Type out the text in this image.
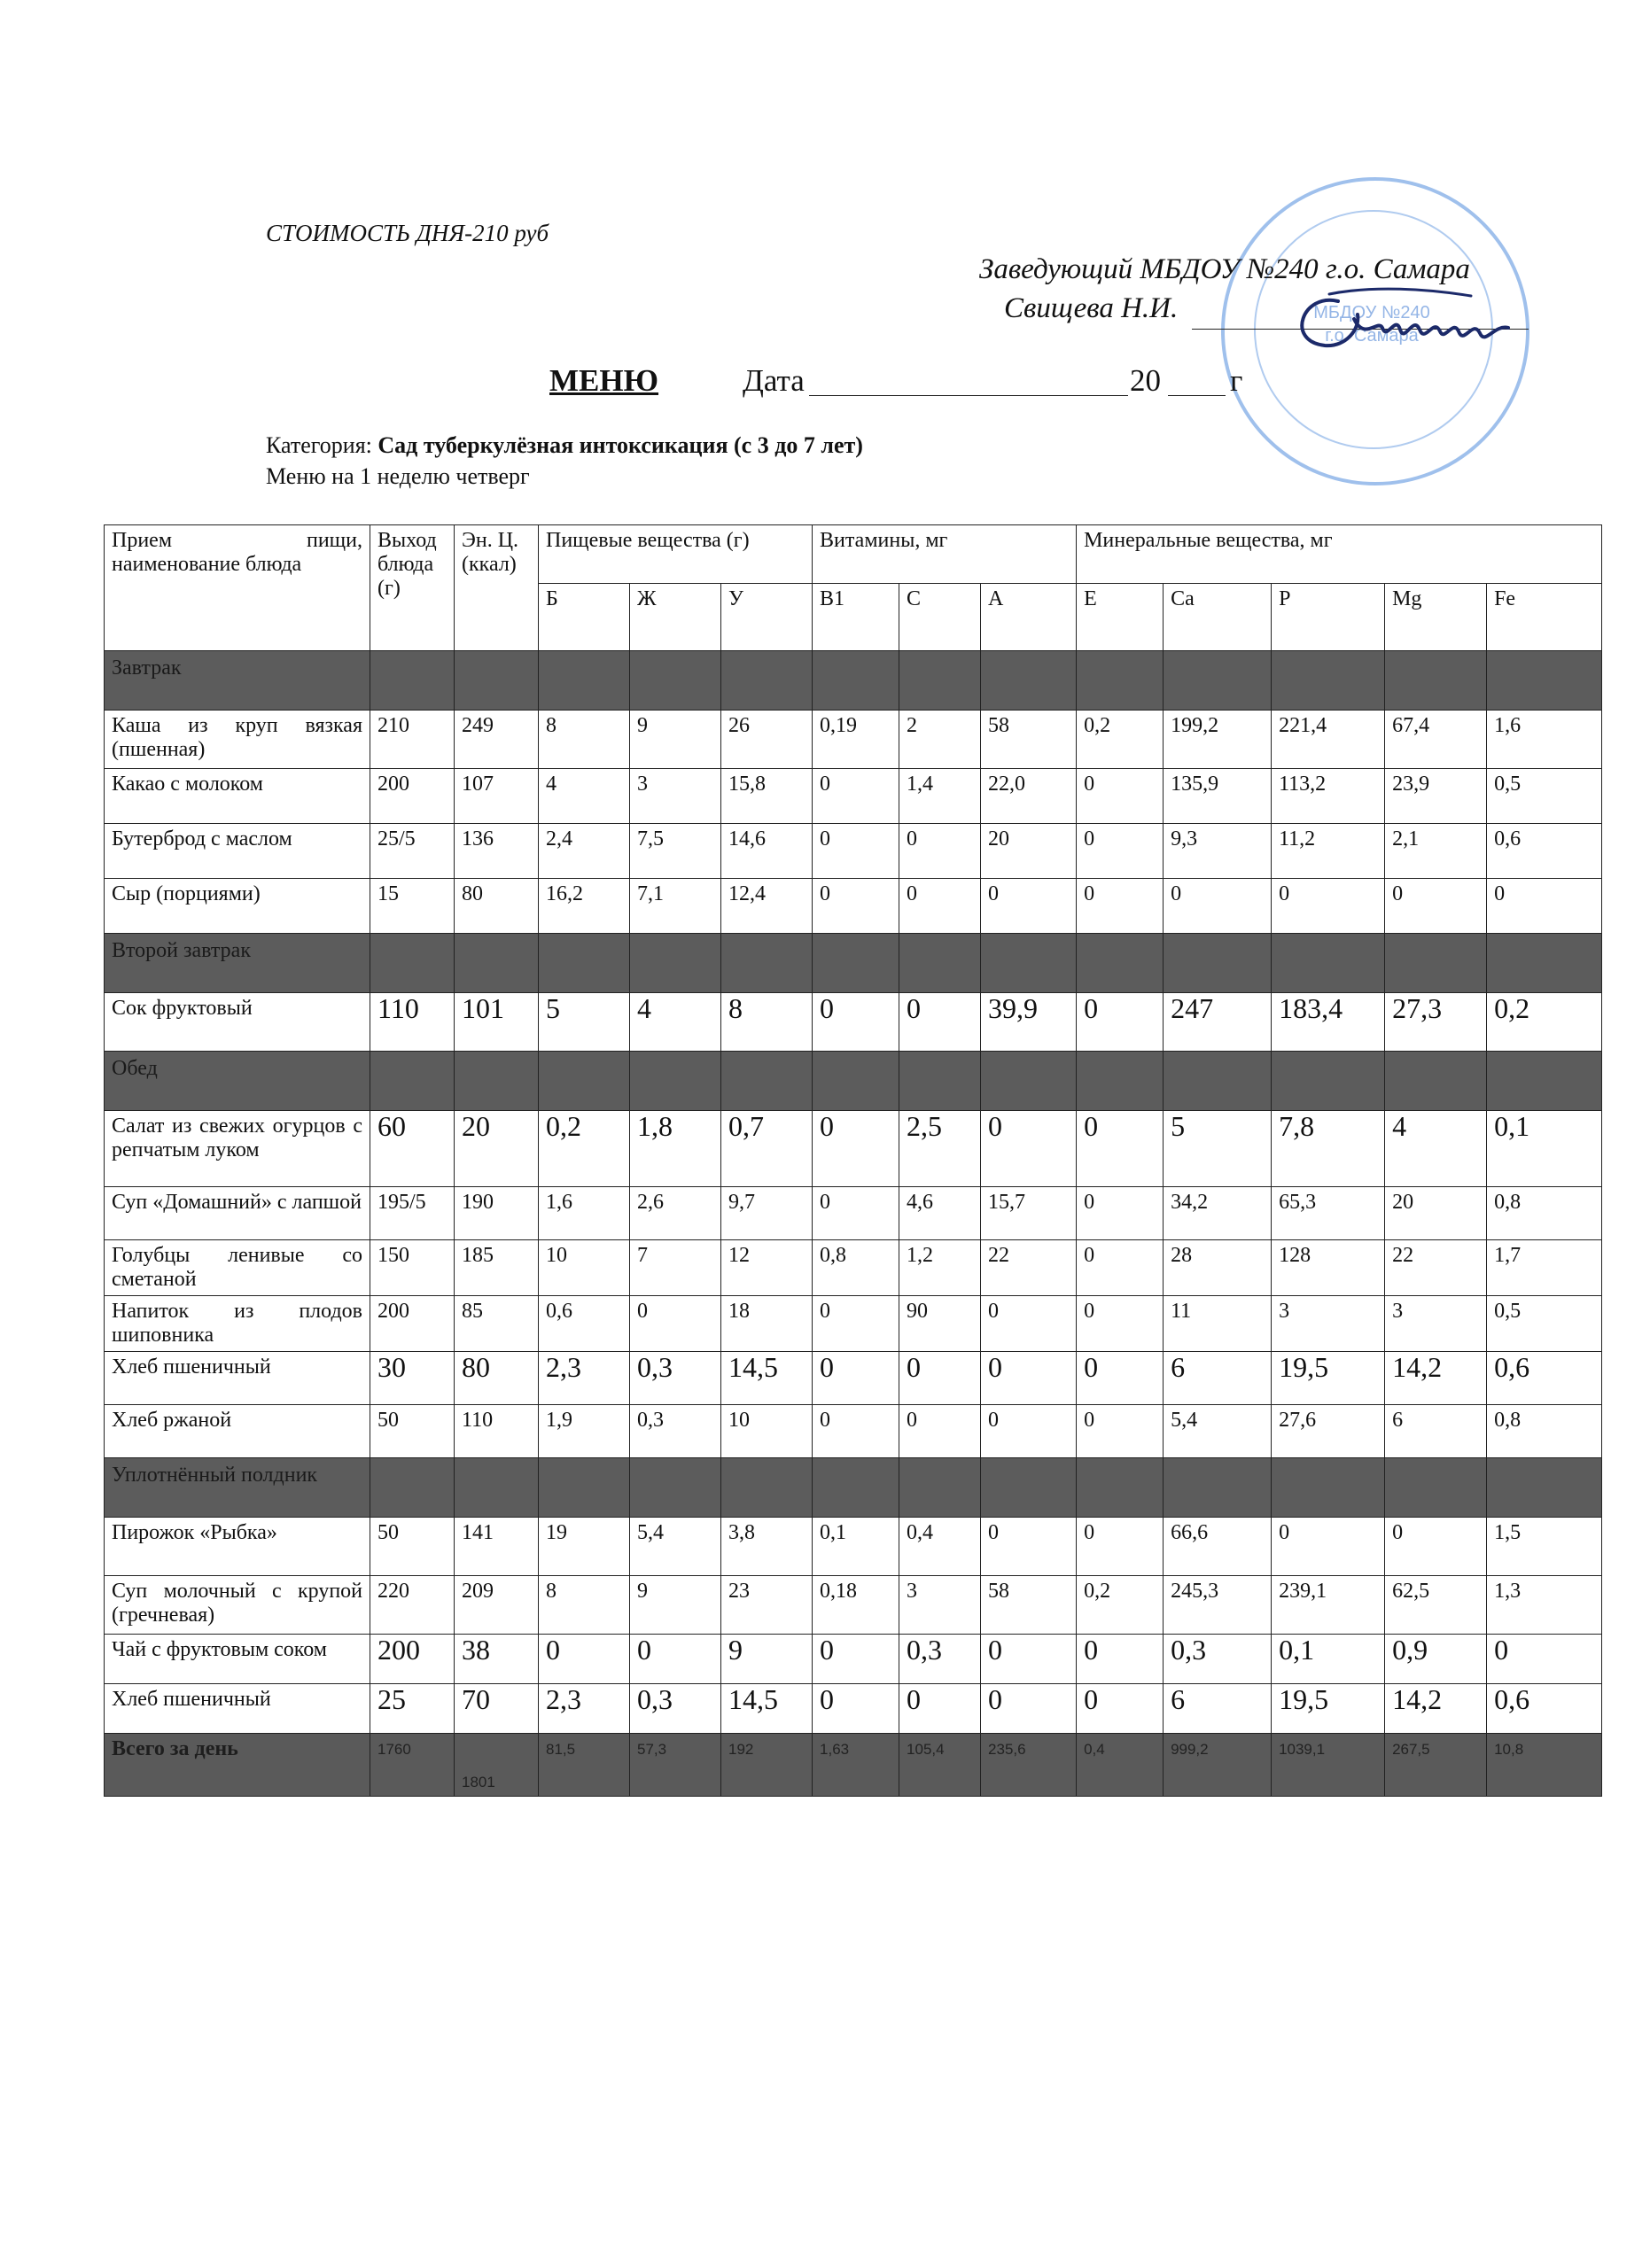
СТОИМОСТЬ ДНЯ-210 руб
МБДОУ №240 г.о. Самара
Заведующий МБДОУ №240 г.о. Самара
Свищева Н.И.
МЕНЮ	Дата	20 г
Категория: Сад туберкулёзная интоксикация (с 3 до 7 лет)
Меню на 1 неделю четверг
Прием пищи, наименование блюда	Выход блюда (г)	Эн. Ц.(ккал)	Пищевые вещества (г)			Витамины, мг			Минеральные вещества, мг				
			Б	Ж	У	В1	С	А	Е	Са	Р	Mg	Fe
Завтрак													
Каша из круп вязкая (пшенная)	210	249	8	9	26	0,19	2	58	0,2	199,2	221,4	67,4	1,6
Какао с молоком	200	107	4	3	15,8	0	1,4	22,0	0	135,9	113,2	23,9	0,5
Бутерброд с маслом	25/5	136	2,4	7,5	14,6	0	0	20	0	9,3	11,2	2,1	0,6
Сыр (порциями)	15	80	16,2	7,1	12,4	0	0	0	0	0	0	0	0
Второй завтрак													
Сок фруктовый	110	101	5	4	8	0	0	39,9	0	247	183,4	27,3	0,2
Обед													
Салат из свежих огурцов с репчатым луком	60	20	0,2	1,8	0,7	0	2,5	0	0	5	7,8	4	0,1
Суп «Домашний» с лапшой	195/5	190	1,6	2,6	9,7	0	4,6	15,7	0	34,2	65,3	20	0,8
Голубцы ленивые со сметаной	150	185	10	7	12	0,8	1,2	22	0	28	128	22	1,7
Напиток из плодов шиповника	200	85	0,6	0	18	0	90	0	0	11	3	3	0,5
Хлеб пшеничный	30	80	2,3	0,3	14,5	0	0	0	0	6	19,5	14,2	0,6
Хлеб ржаной	50	110	1,9	0,3	10	0	0	0	0	5,4	27,6	6	0,8
Уплотнённый полдник													
Пирожок «Рыбка»	50	141	19	5,4	3,8	0,1	0,4	0	0	66,6	0	0	1,5
Суп молочный с крупой (гречневая)	220	209	8	9	23	0,18	3	58	0,2	245,3	239,1	62,5	1,3
Чай с фруктовым соком	200	38	0	0	9	0	0,3	0	0	0,3	0,1	0,9	0
Хлеб пшеничный	25	70	2,3	0,3	14,5	0	0	0	0	6	19,5	14,2	0,6
Всего за день	1760	1801	81,5	57,3	192	1,63	105,4	235,6	0,4	999,2	1039,1	267,5	10,8
